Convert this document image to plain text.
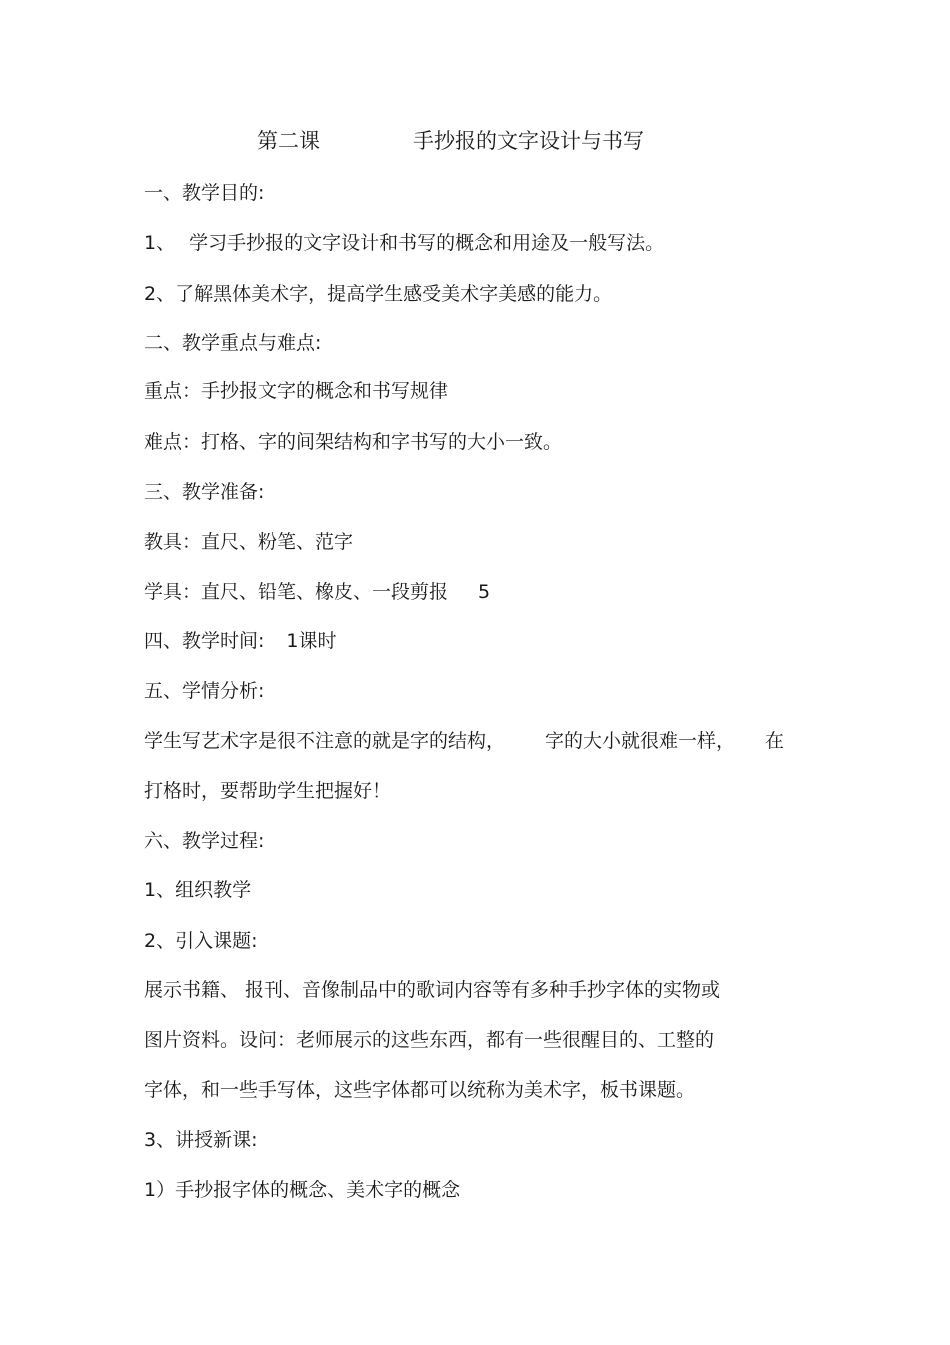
第二课	手抄报的文字设计与书写
一、教学目的:
1、 学习手抄报的文字设计和书写的概念和用途及一般写法。
2、了解黑体美术字，提高学生感受美术字美感的能力。
二、教学重点与难点:
重点：手抄报文字的概念和书写规律
难点：打格、字的间架结构和字书写的大小一致。
三、教学准备:
教具：直尺、粉笔、范字
学具：直尺、铅笔、橡皮、一段剪报 5
四、教学时间: 1课时
五、学情分析:
学生写艺术字是很不注意的就是字的结构， 字的大小就很难一样， 在
打格时，要帮助学生把握好！
六、教学过程:
1、组织教学
2、引入课题:
展示书籍、 报刊、音像制品中的歌词内容等有多种手抄字体的实物或
图片资料。设问：老师展示的这些东西，都有一些很醒目的、工整的
字体，和一些手写体，这些字体都可以统称为美术字，板书课题。
3、讲授新课:
1）手抄报字体的概念、美术字的概念
